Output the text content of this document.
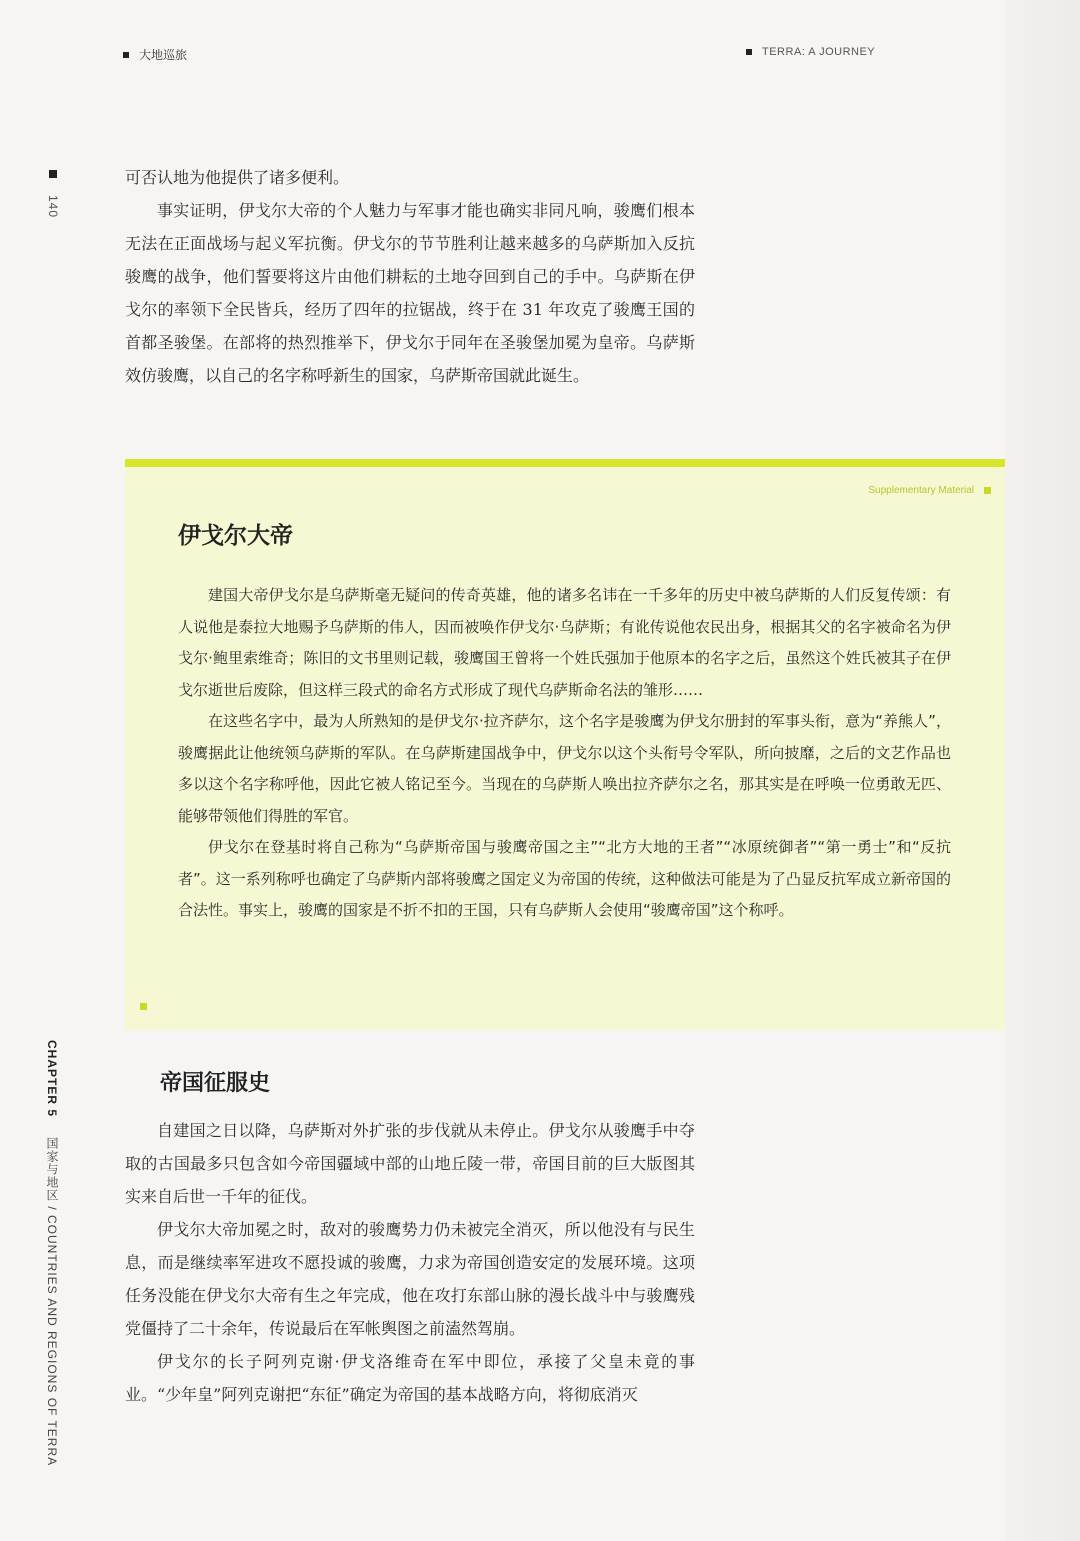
大地巡旅	TERRA: A JOURNEY
140
CHAPTER 5 国家与地区 / COUNTRIES AND REGIONS OF TERRA

可否认地为他提供了诸多便利。

事实证明，伊戈尔大帝的个人魅力与军事才能也确实非同凡响，骏鹰们根本无法在正面战场与起义军抗衡。伊戈尔的节节胜利让越来越多的乌萨斯加入反抗骏鹰的战争，他们誓要将这片由他们耕耘的土地夺回到自己的手中。乌萨斯在伊戈尔的率领下全民皆兵，经历了四年的拉锯战，终于在 31 年攻克了骏鹰王国的首都圣骏堡。在部将的热烈推举下，伊戈尔于同年在圣骏堡加冕为皇帝。乌萨斯效仿骏鹰，以自己的名字称呼新生的国家，乌萨斯帝国就此诞生。

Supplementary Material
伊戈尔大帝

建国大帝伊戈尔是乌萨斯毫无疑问的传奇英雄，他的诸多名讳在一千多年的历史中被乌萨斯的人们反复传颂：有人说他是泰拉大地赐予乌萨斯的伟人，因而被唤作伊戈尔·乌萨斯；有讹传说他农民出身，根据其父的名字被命名为伊戈尔·鲍里索维奇；陈旧的文书里则记载，骏鹰国王曾将一个姓氏强加于他原本的名字之后，虽然这个姓氏被其子在伊戈尔逝世后废除，但这样三段式的命名方式形成了现代乌萨斯命名法的雏形……

在这些名字中，最为人所熟知的是伊戈尔·拉齐萨尔，这个名字是骏鹰为伊戈尔册封的军事头衔，意为“养熊人”，骏鹰据此让他统领乌萨斯的军队。在乌萨斯建国战争中，伊戈尔以这个头衔号令军队，所向披靡，之后的文艺作品也多以这个名字称呼他，因此它被人铭记至今。当现在的乌萨斯人唤出拉齐萨尔之名，那其实是在呼唤一位勇敢无匹、能够带领他们得胜的军官。

伊戈尔在登基时将自己称为“乌萨斯帝国与骏鹰帝国之主”“北方大地的王者”“冰原统御者”“第一勇士”和“反抗者”。这一系列称呼也确定了乌萨斯内部将骏鹰之国定义为帝国的传统，这种做法可能是为了凸显反抗军成立新帝国的合法性。事实上，骏鹰的国家是不折不扣的王国，只有乌萨斯人会使用“骏鹰帝国”这个称呼。

帝国征服史

自建国之日以降，乌萨斯对外扩张的步伐就从未停止。伊戈尔从骏鹰手中夺取的古国最多只包含如今帝国疆域中部的山地丘陵一带，帝国目前的巨大版图其实来自后世一千年的征伐。

伊戈尔大帝加冕之时，敌对的骏鹰势力仍未被完全消灭，所以他没有与民生息，而是继续率军进攻不愿投诚的骏鹰，力求为帝国创造安定的发展环境。这项任务没能在伊戈尔大帝有生之年完成，他在攻打东部山脉的漫长战斗中与骏鹰残党僵持了二十余年，传说最后在军帐舆图之前溘然驾崩。

伊戈尔的长子阿列克谢·伊戈洛维奇在军中即位，承接了父皇未竟的事业。“少年皇”阿列克谢把“东征”确定为帝国的基本战略方向，将彻底消灭
